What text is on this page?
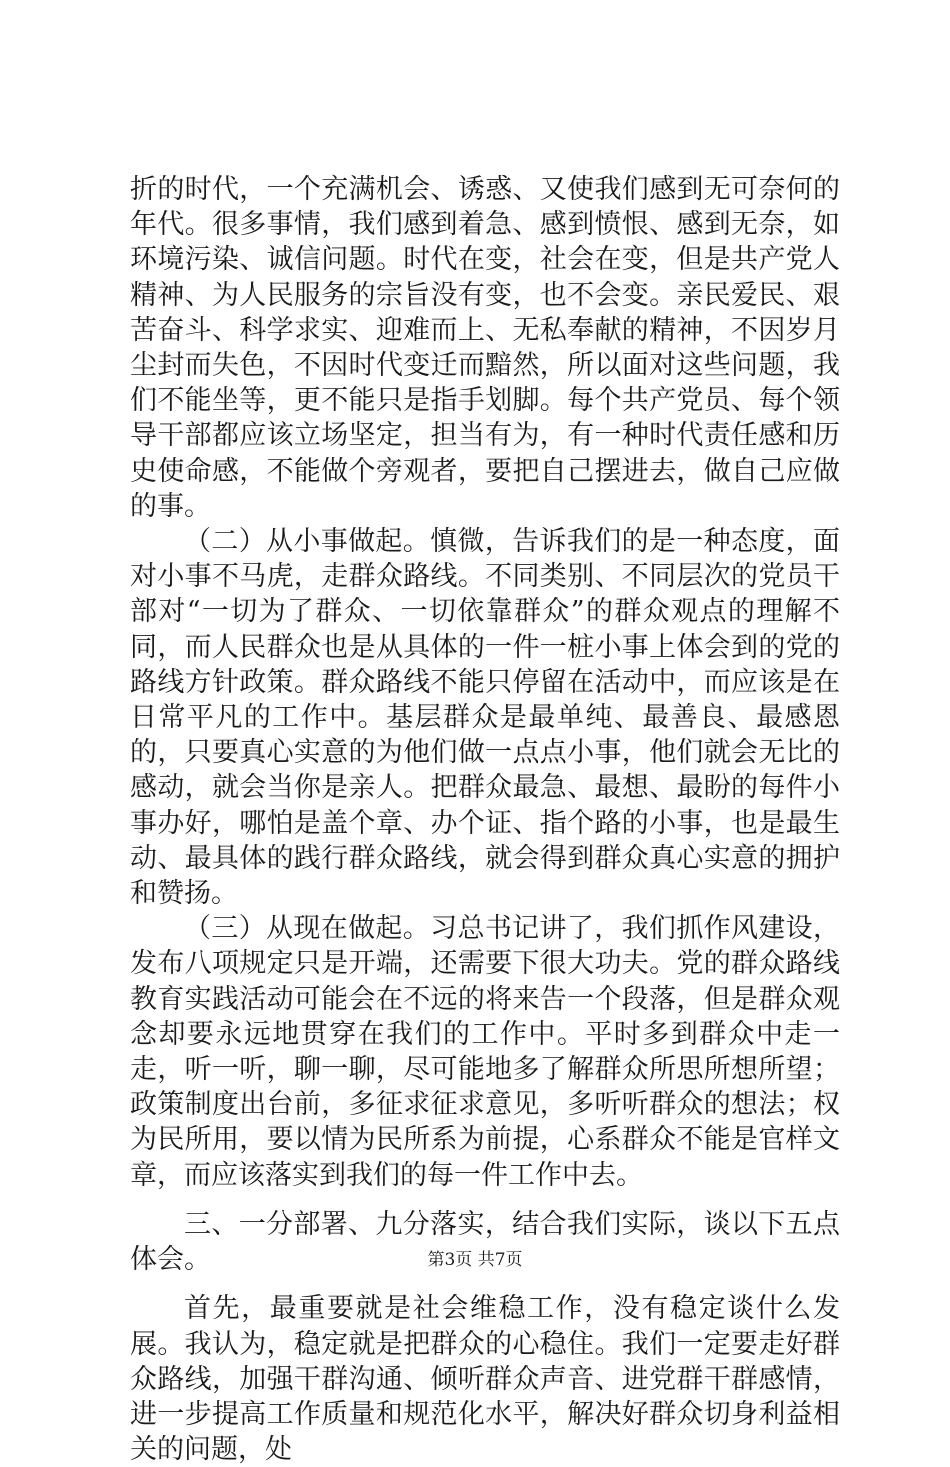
折的时代，一个充满机会、诱惑、又使我们感到无可奈何的年代。很多事情，我们感到着急、感到愤恨、感到无奈，如环境污染、诚信问题。时代在变，社会在变，但是共产党人精神、为人民服务的宗旨没有变，也不会变。亲民爱民、艰苦奋斗、科学求实、迎难而上、无私奉献的精神，不因岁月尘封而失色，不因时代变迁而黯然，所以面对这些问题，我们不能坐等，更不能只是指手划脚。每个共产党员、每个领导干部都应该立场坚定，担当有为，有一种时代责任感和历史使命感，不能做个旁观者，要把自己摆进去，做自己应做的事。

（二）从小事做起。慎微，告诉我们的是一种态度，面对小事不马虎，走群众路线。不同类别、不同层次的党员干部对“一切为了群众、一切依靠群众”的群众观点的理解不同，而人民群众也是从具体的一件一桩小事上体会到的党的路线方针政策。群众路线不能只停留在活动中，而应该是在日常平凡的工作中。基层群众是最单纯、最善良、最感恩的，只要真心实意的为他们做一点点小事，他们就会无比的感动，就会当你是亲人。把群众最急、最想、最盼的每件小事办好，哪怕是盖个章、办个证、指个路的小事，也是最生动、最具体的践行群众路线，就会得到群众真心实意的拥护和赞扬。

（三）从现在做起。习总书记讲了，我们抓作风建设，发布八项规定只是开端，还需要下很大功夫。党的群众路线教育实践活动可能会在不远的将来告一个段落，但是群众观念却要永远地贯穿在我们的工作中。平时多到群众中走一走，听一听，聊一聊，尽可能地多了解群众所思所想所望；政策制度出台前，多征求征求意见，多听听群众的想法；权为民所用，要以情为民所系为前提，心系群众不能是官样文章，而应该落实到我们的每一件工作中去。

三、一分部署、九分落实，结合我们实际，谈以下五点体会。

首先，最重要就是社会维稳工作，没有稳定谈什么发展。我认为，稳定就是把群众的心稳住。我们一定要走好群众路线，加强干群沟通、倾听群众声音、进党群干群感情，进一步提高工作质量和规范化水平，解决好群众切身利益相关的问题，处

第3页 共7页
